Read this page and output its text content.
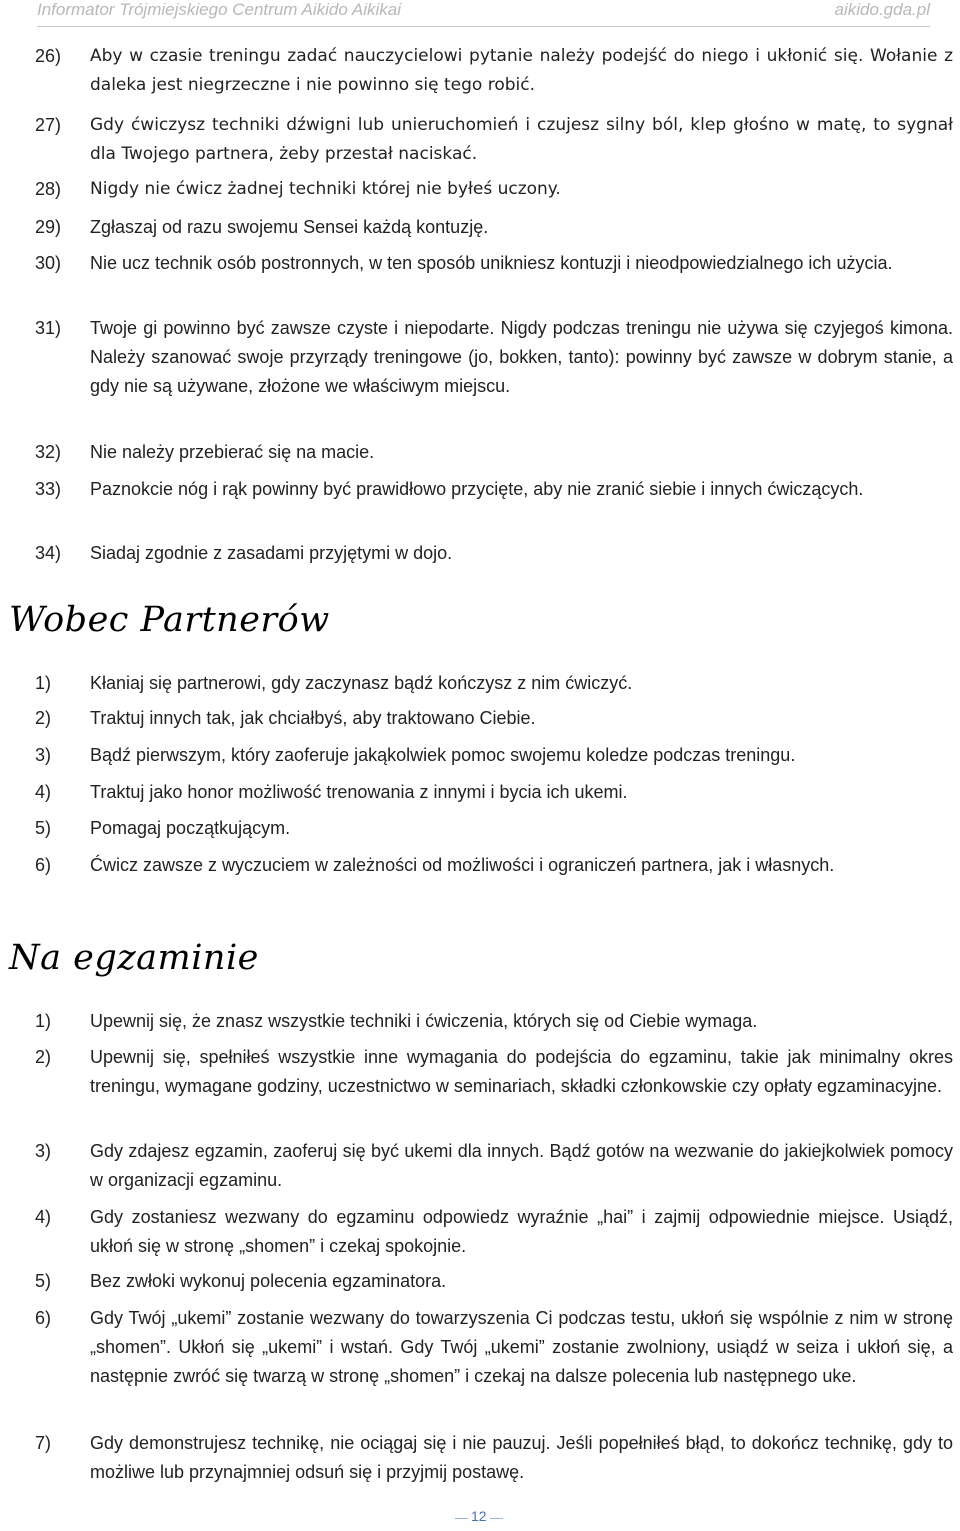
Informator Trójmiejskiego Centrum Aikido Aikikai	aikido.gda.pl
26) Aby w czasie treningu zadać nauczycielowi pytanie należy podejść do niego i ukłonić się. Wołanie z daleka jest niegrzeczne i nie powinno się tego robić.
27) Gdy ćwiczysz techniki dźwigni lub unieruchomień i czujesz silny ból, klep głośno w matę, to sygnał dla Twojego partnera, żeby przestał naciskać.
28) Nigdy nie ćwicz żadnej techniki której nie byłeś uczony.
29) Zgłaszaj od razu swojemu Sensei każdą kontuzję.
30) Nie ucz technik osób postronnych, w ten sposób unikniesz kontuzji i nieodpowiedzialnego ich użycia.
31) Twoje gi powinno być zawsze czyste i niepodarte. Nigdy podczas treningu nie używa się czyjegoś kimona. Należy szanować swoje przyrządy treningowe (jo, bokken, tanto): powinny być zawsze w dobrym stanie, a gdy nie są używane, złożone we właściwym miejscu.
32) Nie należy przebierać się na macie.
33) Paznokcie nóg i rąk powinny być prawidłowo przycięte, aby nie zranić siebie i innych ćwiczących.
34) Siadaj zgodnie z zasadami przyjętymi w dojo.
Wobec Partnerów
1) Kłaniaj się partnerowi, gdy zaczynasz bądź kończysz z nim ćwiczyć.
2) Traktuj innych tak, jak chciałbyś, aby traktowano Ciebie.
3) Bądź pierwszym, który zaoferuje jakąkolwiek pomoc swojemu koledze podczas treningu.
4) Traktuj jako honor możliwość trenowania z innymi i bycia ich ukemi.
5) Pomagaj początkującym.
6) Ćwicz zawsze z wyczuciem w zależności od możliwości i ograniczeń partnera, jak i własnych.
Na egzaminie
1) Upewnij się, że znasz wszystkie techniki i ćwiczenia, których się od Ciebie wymaga.
2) Upewnij się, spełniłeś wszystkie inne wymagania do podejścia do egzaminu, takie jak minimalny okres treningu, wymagane godziny, uczestnictwo w seminariach, składki członkowskie czy opłaty egzaminacyjne.
3) Gdy zdajesz egzamin, zaoferuj się być ukemi dla innych. Bądź gotów na wezwanie do jakiejkolwiek pomocy w organizacji egzaminu.
4) Gdy zostaniesz wezwany do egzaminu odpowiedz wyraźnie „hai” i zajmij odpowiednie miejsce. Usiądź, ukłoń się w stronę „shomen” i czekaj spokojnie.
5) Bez zwłoki wykonuj polecenia egzaminatora.
6) Gdy Twój „ukemi” zostanie wezwany do towarzyszenia Ci podczas testu, ukłoń się wspólnie z nim w stronę „shomen”. Ukłoń się „ukemi” i wstań. Gdy Twój „ukemi” zostanie zwolniony, usiądź w seiza i ukłoń się, a następnie zwróć się twarzą w stronę „shomen” i czekaj na dalsze polecenia lub następnego uke.
7) Gdy demonstrujesz technikę, nie ociągaj się i nie pauzuj. Jeśli popełniłeś błąd, to dokończ technikę, gdy to możliwe lub przynajmniej odsuń się i przyjmij postawę.
12
